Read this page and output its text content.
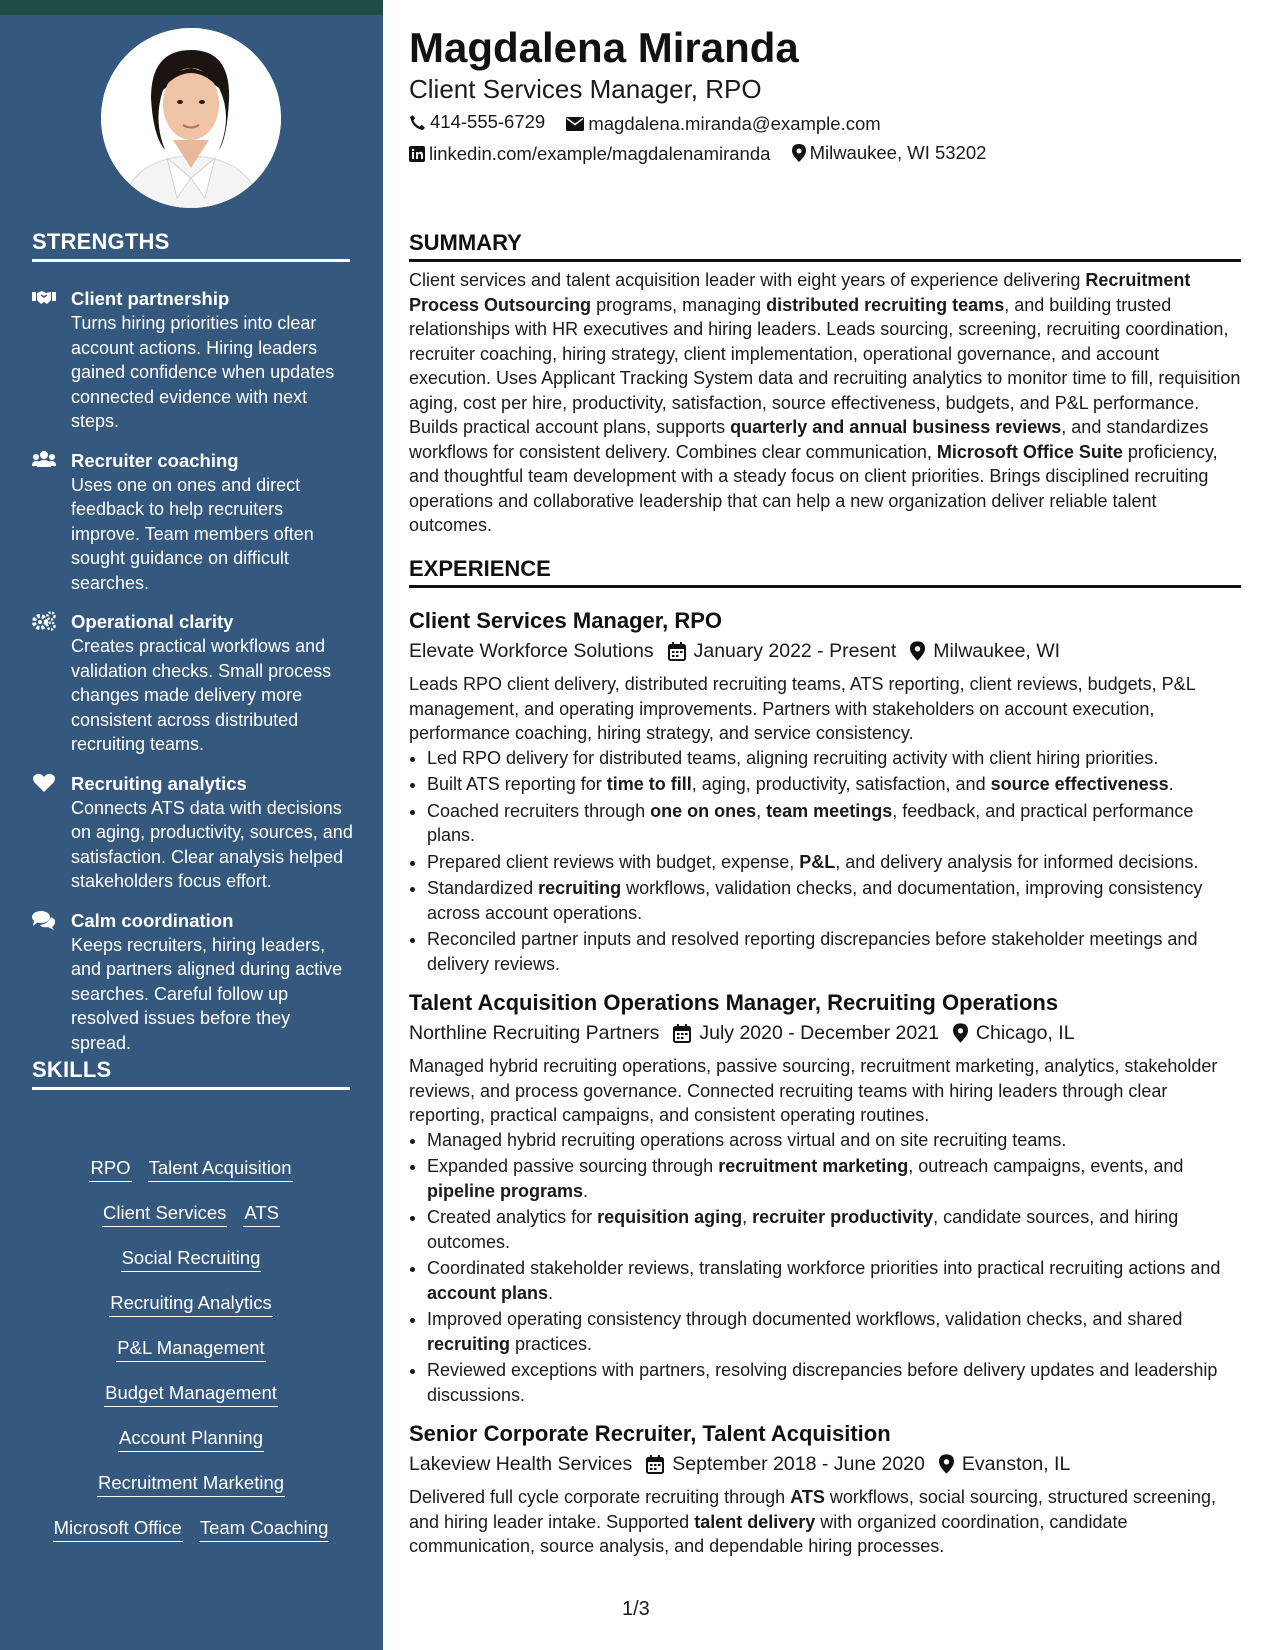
STRENGTHS
Client partnership
Turns hiring priorities into clear account actions. Hiring leaders gained confidence when updates connected evidence with next steps.
Recruiter coaching
Uses one on ones and direct feedback to help recruiters improve. Team members often sought guidance on difficult searches.
Operational clarity
Creates practical workflows and validation checks. Small process changes made delivery more consistent across distributed recruiting teams.
Recruiting analytics
Connects ATS data with decisions on aging, productivity, sources, and satisfaction. Clear analysis helped stakeholders focus effort.
Calm coordination
Keeps recruiters, hiring leaders, and partners aligned during active searches. Careful follow up resolved issues before they spread.
SKILLS
RPO Talent Acquisition
Client Services ATS
Social Recruiting
Recruiting Analytics
P&L Management
Budget Management
Account Planning
Recruitment Marketing
Microsoft Office Team Coaching
Magdalena Miranda
Client Services Manager, RPO
414-555-6729
magdalena.miranda@example.com
linkedin.com/example/magdalenamiranda
Milwaukee, WI 53202
SUMMARY
Client services and talent acquisition leader with eight years of experience delivering Recruitment Process Outsourcing programs, managing distributed recruiting teams, and building trusted relationships with HR executives and hiring leaders. Leads sourcing, screening, recruiting coordination, recruiter coaching, hiring strategy, client implementation, operational governance, and account execution. Uses Applicant Tracking System data and recruiting analytics to monitor time to fill, requisition aging, cost per hire, productivity, satisfaction, source effectiveness, budgets, and P&L performance. Builds practical account plans, supports quarterly and annual business reviews, and standardizes workflows for consistent delivery. Combines clear communication, Microsoft Office Suite proficiency, and thoughtful team development with a steady focus on client priorities. Brings disciplined recruiting operations and collaborative leadership that can help a new organization deliver reliable talent outcomes.
EXPERIENCE
Client Services Manager, RPO
Elevate Workforce Solutions January 2022 - Present Milwaukee, WI
Leads RPO client delivery, distributed recruiting teams, ATS reporting, client reviews, budgets, P&L management, and operating improvements. Partners with stakeholders on account execution, performance coaching, hiring strategy, and service consistency.
• Led RPO delivery for distributed teams, aligning recruiting activity with client hiring priorities.
• Built ATS reporting for time to fill, aging, productivity, satisfaction, and source effectiveness.
• Coached recruiters through one on ones, team meetings, feedback, and practical performance plans.
• Prepared client reviews with budget, expense, P&L, and delivery analysis for informed decisions.
• Standardized recruiting workflows, validation checks, and documentation, improving consistency across account operations.
• Reconciled partner inputs and resolved reporting discrepancies before stakeholder meetings and delivery reviews.
Talent Acquisition Operations Manager, Recruiting Operations
Northline Recruiting Partners July 2020 - December 2021 Chicago, IL
Managed hybrid recruiting operations, passive sourcing, recruitment marketing, analytics, stakeholder reviews, and process governance. Connected recruiting teams with hiring leaders through clear reporting, practical campaigns, and consistent operating routines.
• Managed hybrid recruiting operations across virtual and on site recruiting teams.
• Expanded passive sourcing through recruitment marketing, outreach campaigns, events, and pipeline programs.
• Created analytics for requisition aging, recruiter productivity, candidate sources, and hiring outcomes.
• Coordinated stakeholder reviews, translating workforce priorities into practical recruiting actions and account plans.
• Improved operating consistency through documented workflows, validation checks, and shared recruiting practices.
• Reviewed exceptions with partners, resolving discrepancies before delivery updates and leadership discussions.
Senior Corporate Recruiter, Talent Acquisition
Lakeview Health Services September 2018 - June 2020 Evanston, IL
Delivered full cycle corporate recruiting through ATS workflows, social sourcing, structured screening, and hiring leader intake. Supported talent delivery with organized coordination, candidate communication, source analysis, and dependable hiring processes.
1/3
